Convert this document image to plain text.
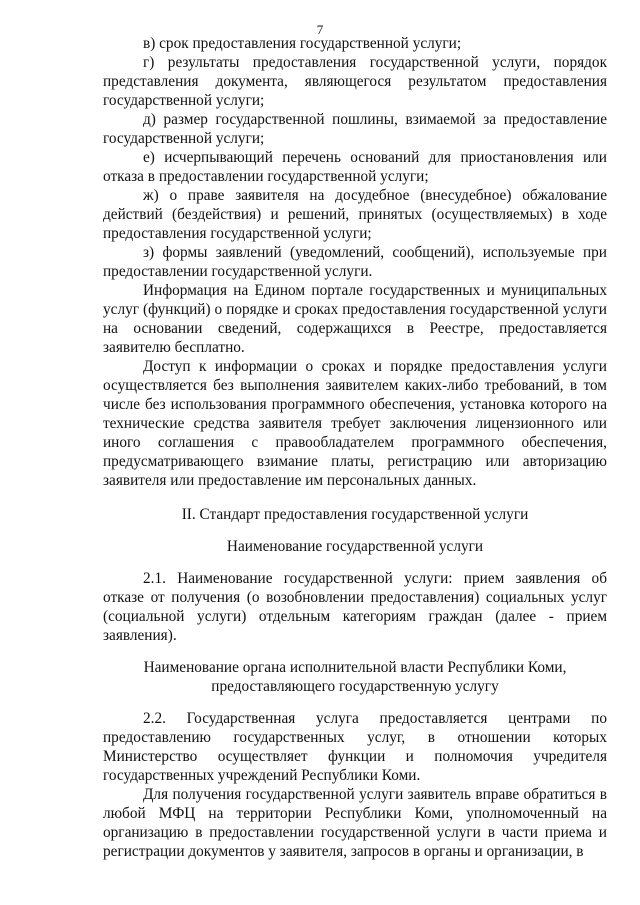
7

в) срок предоставления государственной услуги;

г) результаты предоставления государственной услуги, порядок представления документа, являющегося результатом предоставления государственной услуги;

д) размер государственной пошлины, взимаемой за предоставление государственной услуги;

е) исчерпывающий перечень оснований для приостановления или отказа в предоставлении государственной услуги;

ж) о праве заявителя на досудебное (внесудебное) обжалование действий (бездействия) и решений, принятых (осуществляемых) в ходе предоставления государственной услуги;

з) формы заявлений (уведомлений, сообщений), используемые при предоставлении государственной услуги.

Информация на Едином портале государственных и муниципальных услуг (функций) о порядке и сроках предоставления государственной услуги на основании сведений, содержащихся в Реестре, предоставляется заявителю бесплатно.

Доступ к информации о сроках и порядке предоставления услуги осуществляется без выполнения заявителем каких-либо требований, в том числе без использования программного обеспечения, установка которого на технические средства заявителя требует заключения лицензионного или иного соглашения с правообладателем программного обеспечения, предусматривающего взимание платы, регистрацию или авторизацию заявителя или предоставление им персональных данных.

II. Стандарт предоставления государственной услуги
Наименование государственной услуги

2.1. Наименование государственной услуги: прием заявления об отказе от получения (о возобновлении предоставления) социальных услуг (социальной услуги) отдельным категориям граждан (далее - прием заявления).

Наименование органа исполнительной власти Республики Коми,
предоставляющего государственную услугу

2.2. Государственная услуга предоставляется центрами по предоставлению государственных услуг, в отношении которых Министерство осуществляет функции и полномочия учредителя государственных учреждений Республики Коми.

Для получения государственной услуги заявитель вправе обратиться в любой МФЦ на территории Республики Коми, уполномоченный на организацию в предоставлении государственной услуги в части приема и регистрации документов у заявителя, запросов в органы и организации, в
